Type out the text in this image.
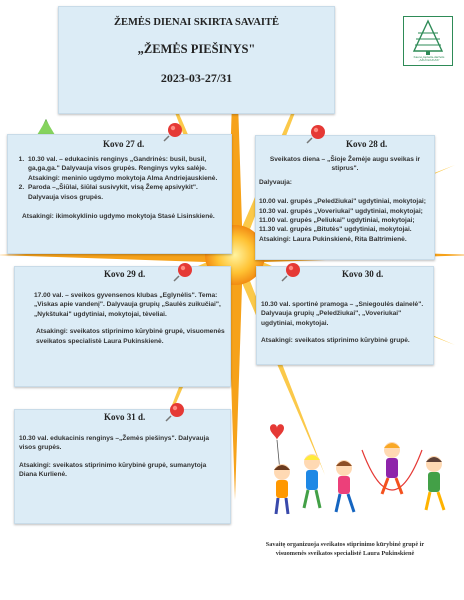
ŽEMĖS DIENAI SKIRTA SAVAITĖ
„ŽEMĖS PIEŠINYS"
2023-03-27/31
Kauno lopšelis-darželis
„AŽUOLIUKAS"
Kovo 27 d.
1. 10.30 val. – edukacinis renginys „Gandrinės: busil, busil, ga,ga,ga." Dalyvauja visos grupės. Renginys vyks salėje. Atsakingi: meninio ugdymo mokytoja Alma Andriejauskienė.
2. Paroda –„Šiūlai, šiūlai susivykit, visą Žemę apsivykit". Dalyvauja visos grupės.

Atsakingi: ikimokyklinio ugdymo mokytoja Stasė Lisinskienė.

Kovo 28 d.

Sveikatos diena – „Šioje Žemėje augu sveikas ir stiprus".

Dalyvauja:

10.00 val. grupės „Peledžiukai" ugdytiniai, mokytojai;

10.30 val. grupės „Voveriukai" ugdytiniai, mokytojai;

11.00 val. grupės „Peliukai" ugdytiniai, mokytojai;

11.30 val. grupės „Bitutės" ugdytiniai, mokytojai.

Atsakingi: Laura Pukinskienė, Rita Baltrimienė.

Kovo 29 d.

17.00 val. – sveikos gyvensenos klubas „Eglynėlis". Tema: „Viskas apie vandenį". Dalyvauja grupių „Saulės zuikučiai", „Nykštukai" ugdytiniai, mokytojai, tėveliai.

Atsakingi: sveikatos stiprinimo kūrybinė grupė, visuomenės sveikatos specialistė Laura Pukinskienė.

Kovo 30 d.

10.30 val. sportinė pramoga – „Sniegoulės dainelė". Dalyvauja grupių „Peledžiukai", „Voveriukai" ugdytiniai, mokytojai.

Atsakingi: sveikatos stiprinimo kūrybinė grupė.

Kovo 31 d.

10.30 val. edukacinis renginys –„Žemės piešinys". Dalyvauja visos grupės.

Atsakingi: sveikatos stiprinimo kūrybinė grupė, sumanytoja Diana Kurlienė.

Savaitę organizuoja sveikatos stiprinimo kūrybinė grupė ir visuomenės sveikatos specialistė Laura Pukinskienė
